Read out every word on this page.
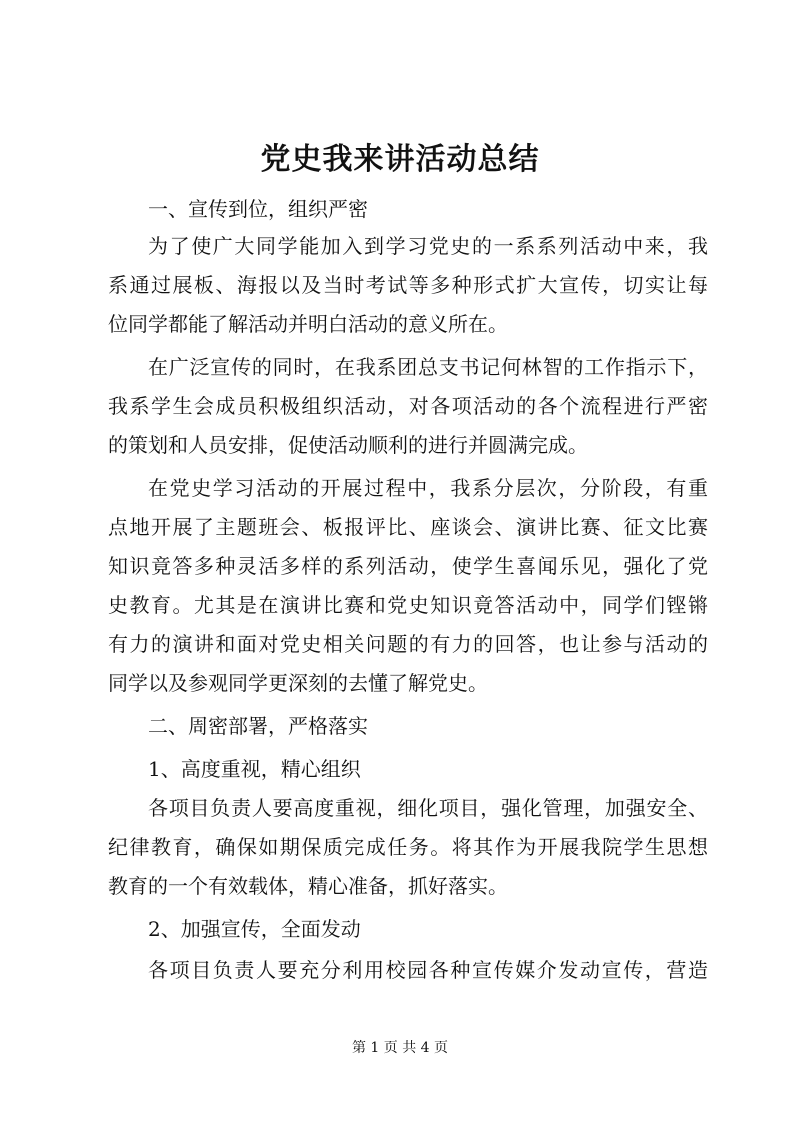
党史我来讲活动总结
一、宣传到位，组织严密
为了使广大同学能加入到学习党史的一系系列活动中来，我
系通过展板、海报以及当时考试等多种形式扩大宣传，切实让每
位同学都能了解活动并明白活动的意义所在。
在广泛宣传的同时，在我系团总支书记何林智的工作指示下，
我系学生会成员积极组织活动，对各项活动的各个流程进行严密
的策划和人员安排，促使活动顺利的进行并圆满完成。
在党史学习活动的开展过程中，我系分层次，分阶段，有重
点地开展了主题班会、板报评比、座谈会、演讲比赛、征文比赛
知识竟答多种灵活多样的系列活动，使学生喜闻乐见，强化了党
史教育。尤其是在演讲比赛和党史知识竟答活动中，同学们铿锵
有力的演讲和面对党史相关问题的有力的回答，也让参与活动的
同学以及参观同学更深刻的去懂了解党史。
二、周密部署，严格落实
1、高度重视，精心组织
各项目负责人要高度重视，细化项目，强化管理，加强安全、
纪律教育，确保如期保质完成任务。将其作为开展我院学生思想
教育的一个有效载体，精心准备，抓好落实。
2、加强宣传，全面发动
各项目负责人要充分利用校园各种宣传媒介发动宣传，营造
第 1 页 共 4 页
